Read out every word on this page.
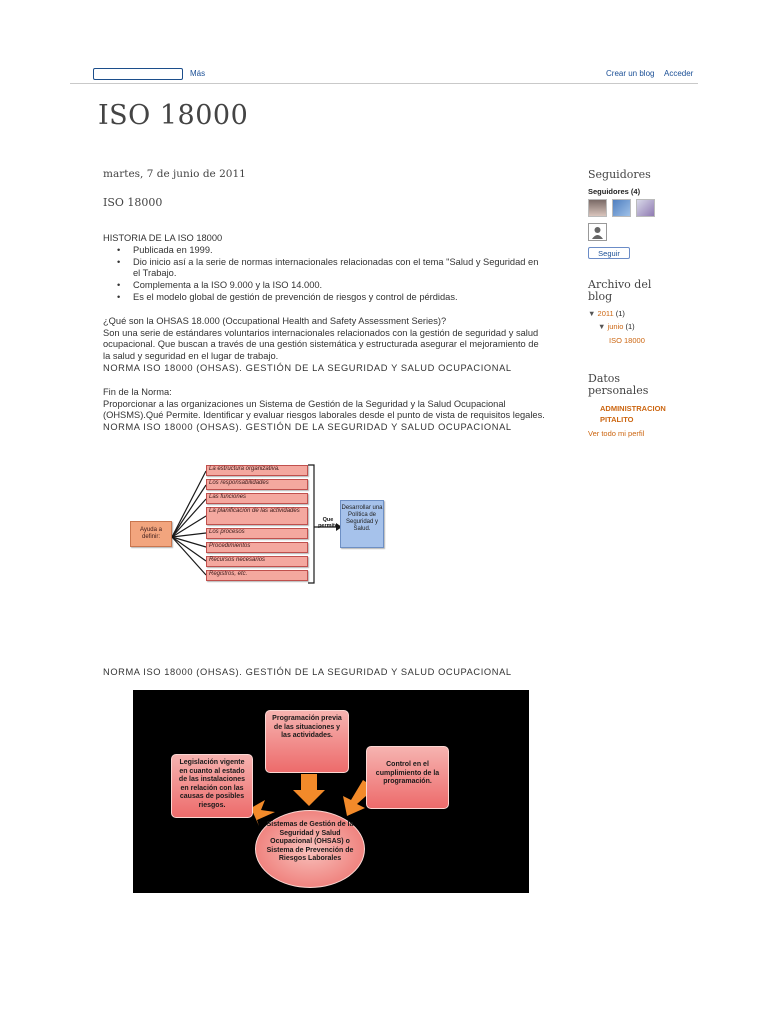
Más	Crear un blog Acceder
ISO 18000
martes, 7 de junio de 2011
ISO 18000
HISTORIA DE LA ISO 18000
• Publicada en 1999.
• Dio inicio así a la serie de normas internacionales relacionadas con el tema "Salud y Seguridad en el Trabajo.
• Complementa a la ISO 9.000 y la ISO 14.000.
• Es el modelo global de gestión de prevención de riesgos y control de pérdidas.
¿Qué son la OHSAS 18.000 (Occupational Health and Safety Assessment Series)?
Son una serie de estándares voluntarios internacionales relacionados con la gestión de seguridad y salud ocupacional. Que buscan a través de una gestión sistemática y estructurada asegurar el mejoramiento de la salud y seguridad en el lugar de trabajo.
NORMA ISO 18000 (OHSAS). GESTIÓN DE LA SEGURIDAD Y SALUD OCUPACIONAL
Fin de la Norma:
Proporcionar a las organizaciones un Sistema de Gestión de la Seguridad y la Salud Ocupacional (OHSMS).Qué Permite. Identificar y evaluar riesgos laborales desde el punto de vista de requisitos legales.
NORMA ISO 18000 (OHSAS). GESTIÓN DE LA SEGURIDAD Y SALUD OCUPACIONAL
Ayuda a definir:
La estructura organizativa.
Los responsabilidades
Las funciones
La planificación de las actividades
Los procesos
Procedimientos
Recursos necesarios
Registros, etc.
Que permite
Desarrollar una Política de Seguridad y Salud.
NORMA ISO 18000 (OHSAS). GESTIÓN DE LA SEGURIDAD Y SALUD OCUPACIONAL
Programación previa de las situaciones y las actividades.
Legislación vigente en cuanto al estado de las instalaciones en relación con las causas de posibles riesgos.
Control en el cumplimiento de la programación.
Sistemas de Gestión de la Seguridad y Salud Ocupacional (OHSAS) o Sistema de Prevención de Riesgos Laborales
Seguidores
Seguidores (4)
Seguir
Archivo del blog
▼ 2011 (1)
▼ junio (1)
ISO 18000
Datos personales
ADMINISTRACION PITALITO
Ver todo mi perfil
